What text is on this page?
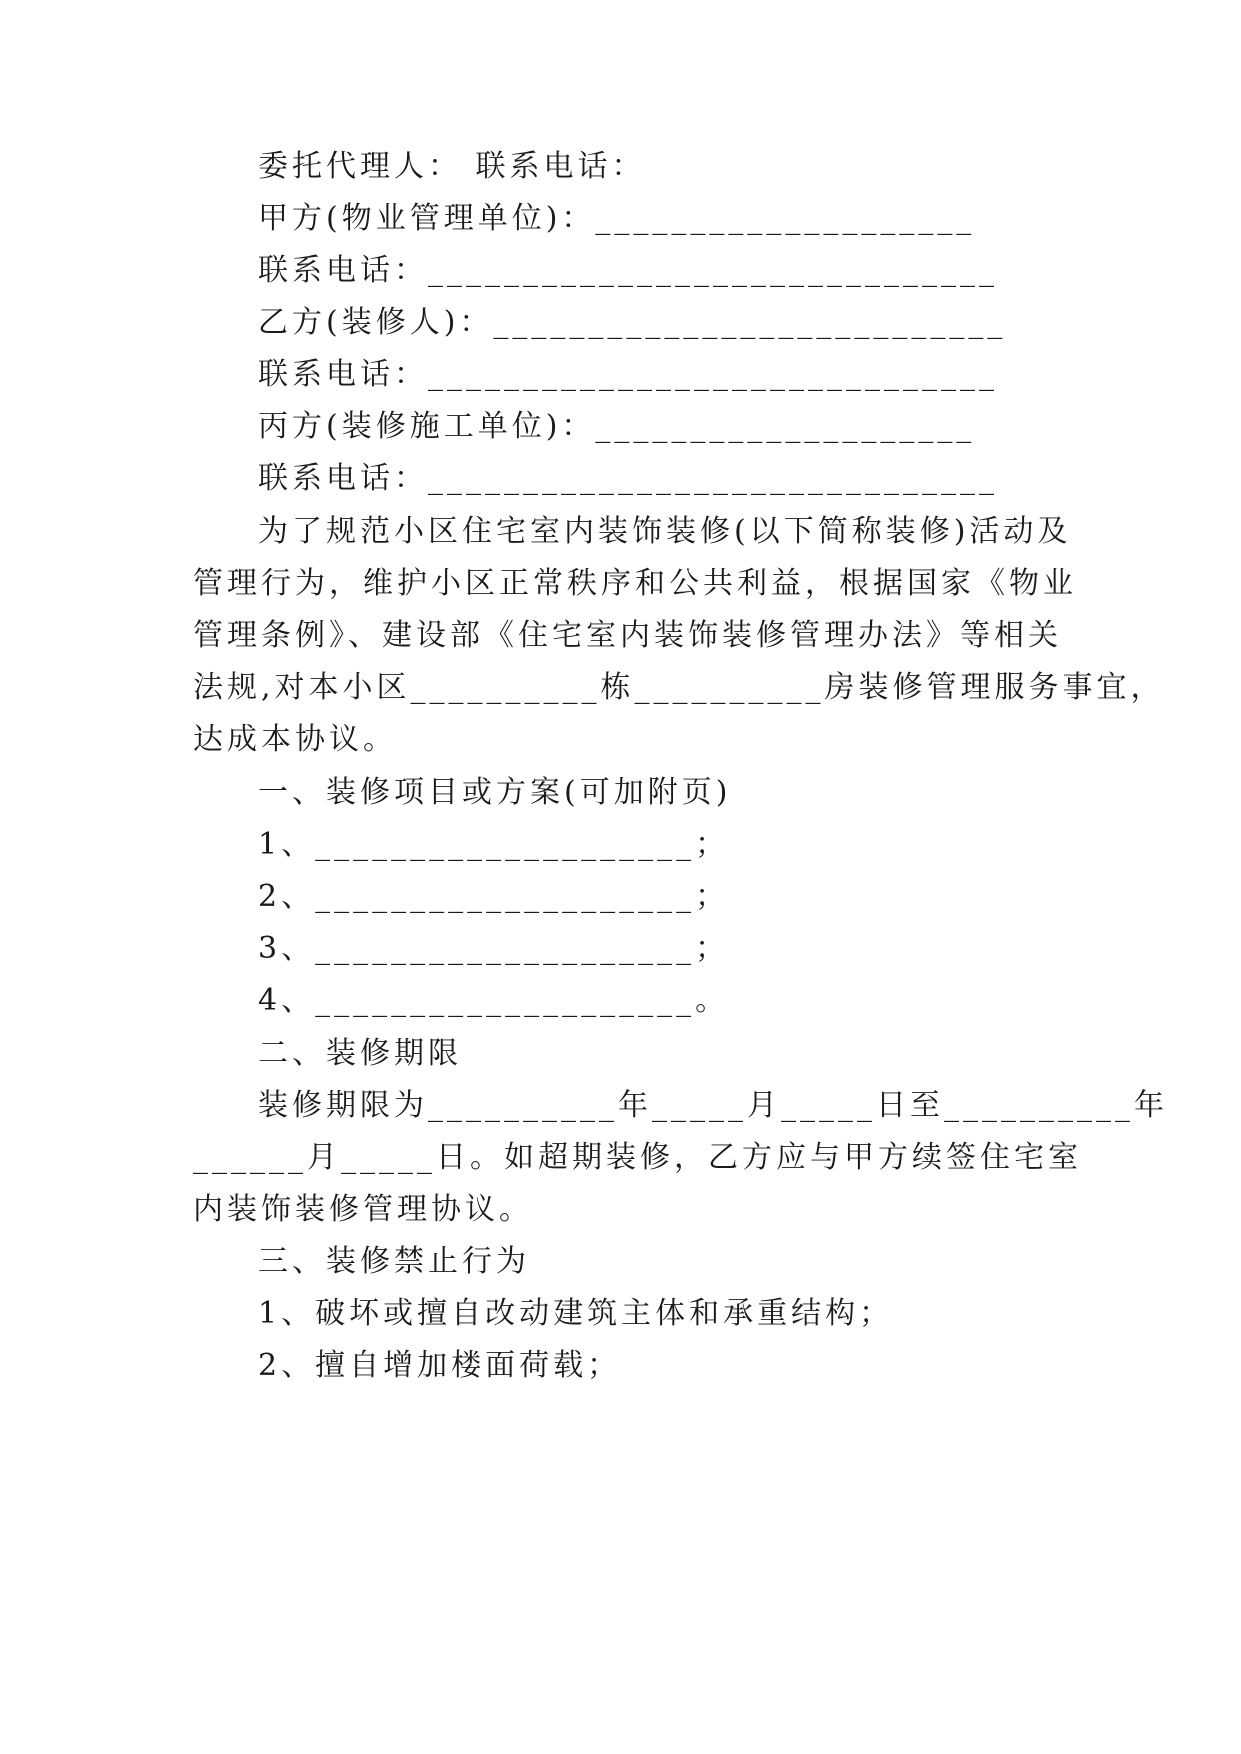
委托代理人： 联系电话：
甲方(物业管理单位)：____________________
联系电话：______________________________
乙方(装修人)：___________________________
联系电话：______________________________
丙方(装修施工单位)：____________________
联系电话：______________________________
为了规范小区住宅室内装饰装修(以下简称装修)活动及
管理行为，维护小区正常秩序和公共利益，根据国家《物业
管理条例》、建设部《住宅室内装饰装修管理办法》等相关
法规,对本小区__________栋__________房装修管理服务事宜，
达成本协议。
一、装修项目或方案(可加附页)
1、____________________；
2、____________________；
3、____________________；
4、____________________。
二、装修期限
装修期限为__________年_____月_____日至__________年
______月_____日。如超期装修，乙方应与甲方续签住宅室
内装饰装修管理协议。
三、装修禁止行为
1、破坏或擅自改动建筑主体和承重结构；
2、擅自增加楼面荷载；
